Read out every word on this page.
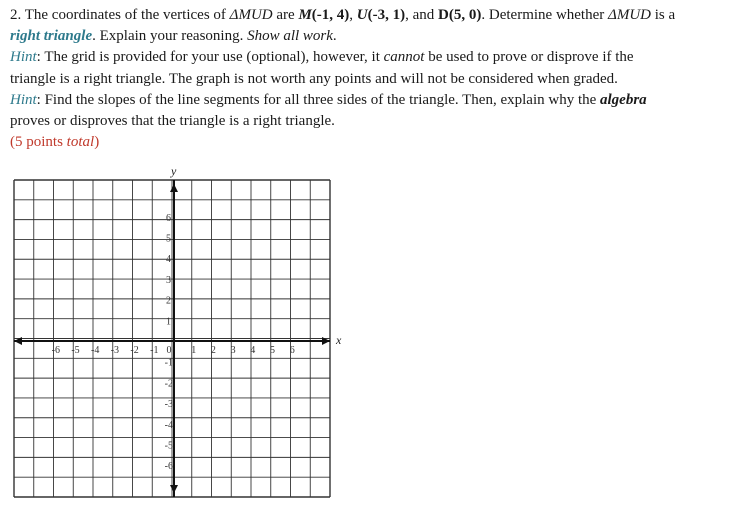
2. The coordinates of the vertices of ΔMUD are M(-1, 4), U(-3, 1), and D(5, 0). Determine whether ΔMUD is a

right triangle. Explain your reasoning. Show all work.

Hint: The grid is provided for your use (optional), however, it cannot be used to prove or disprove if the

triangle is a right triangle. The graph is not worth any points and will not be considered when graded.

Hint: Find the slopes of the line segments for all three sides of the triangle. Then, explain why the algebra

proves or disproves that the triangle is a right triangle.

(5 points total)

y
x
-6 -5 -4 -3 -2 -1 0 1 2 3 4 5 6
6
5
4
3
2
1
-1
-2
-3
-4
-5
-6
